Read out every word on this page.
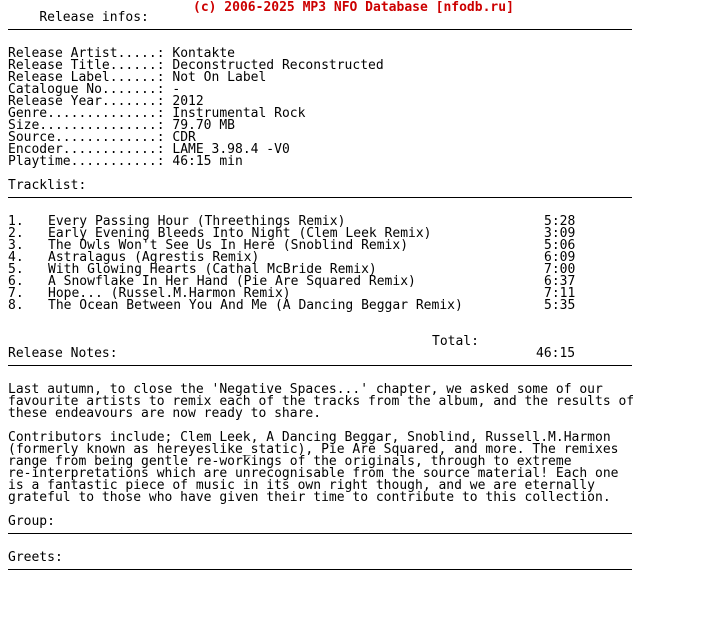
Release infos:

Release Artist.....: Kontakte
Release Title......: Deconstructed Reconstructed
Release Label......: Not On Label
Catalogue No.......: -
Release Year.......: 2012
Genre..............: Instrumental Rock
Size...............: 79.70 MB
Source.............: CDR
Encoder............: LAME 3.98.4 -V0
Playtime...........: 46:15 min
Tracklist:
1. Every Passing Hour (Threethings Remix)	5:28
2. Early Evening Bleeds Into Night (Clem Leek Remix)	3:09
3. The Owls Won't See Us In Here (Snoblind Remix)	5:06
4. Astralagus (Agrestis Remix)	6:09
5. With Glowing Hearts (Cathal McBride Remix)	7:00
6. A Snowflake In Her Hand (Pie Are Squared Remix)	6:37
7. Hope... (Russel.M.Harmon Remix)	7:11
8. The Ocean Between You And Me (A Dancing Beggar Remix)	5:35

Total:

46:15

Release Notes:
Last autumn, to close the 'Negative Spaces...' chapter, we asked some of our
favourite artists to remix each of the tracks from the album, and the results of
these endeavours are now ready to share.
Contributors include; Clem Leek, A Dancing Beggar, Snoblind, Russell.M.Harmon
(formerly known as hereyeslike_static), Pie Are Squared, and more. The remixes
range from being gentle re-workings of the originals, through to extreme
re-interpretations which are unrecognisable from the source material! Each one
is a fantastic piece of music in its own right though, and we are eternally
grateful to those who have given their time to contribute to this collection.
Group:
Greets:
(c) 2006-2025 MP3 NFO Database [nfodb.ru]
